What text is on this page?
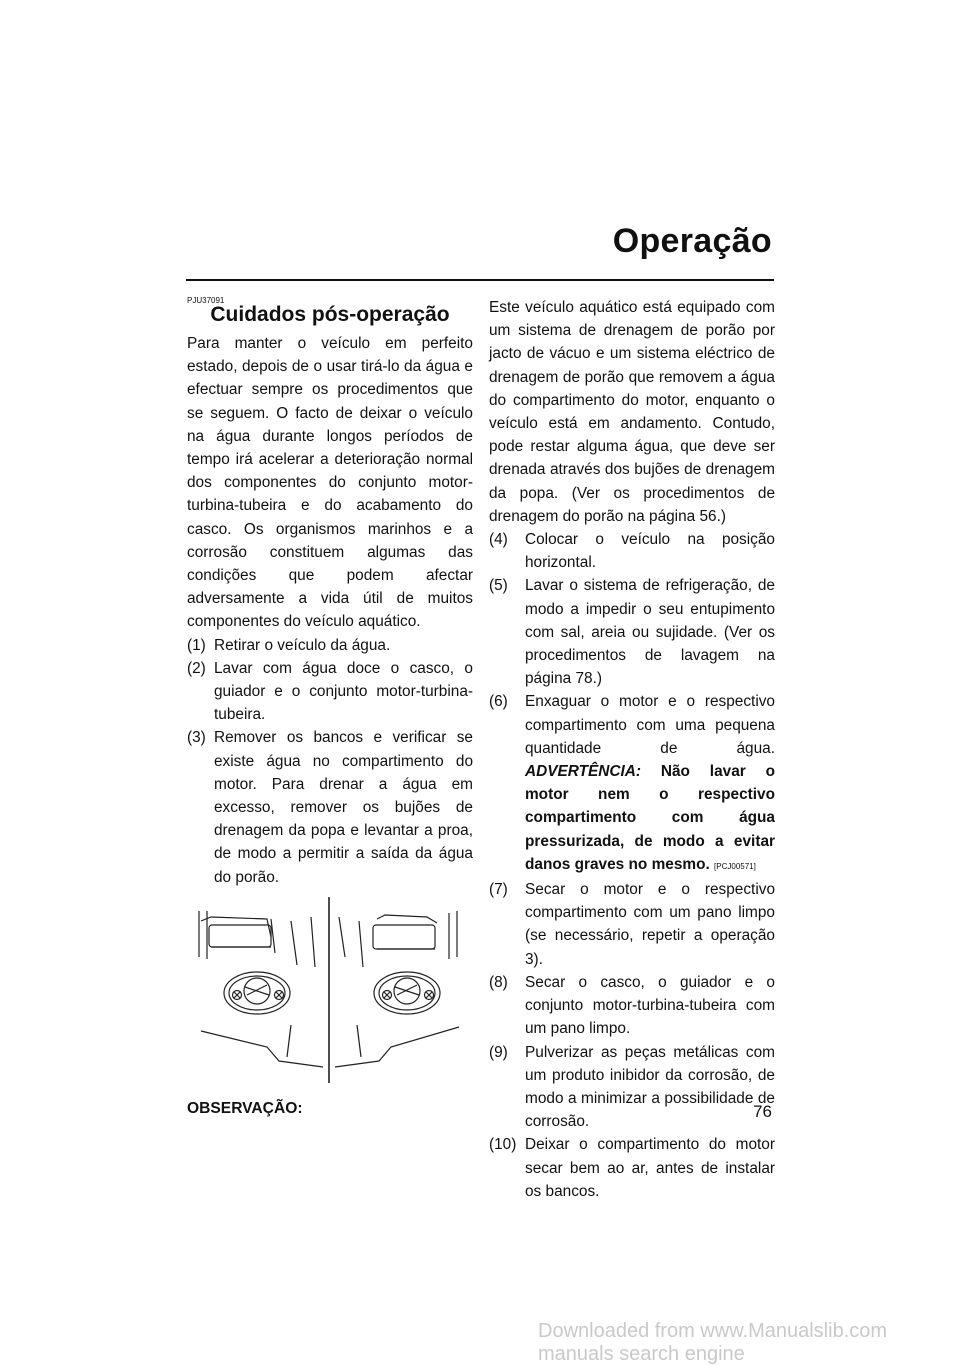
Operação
PJU37091
Cuidados pós-operação

Para manter o veículo em perfeito estado, depois de o usar tirá-lo da água e efectuar sempre os procedimentos que se seguem. O facto de deixar o veículo na água durante longos períodos de tempo irá acelerar a deterioração normal dos componentes do conjunto motor-turbina-tubeira e do acabamento do casco. Os organismos marinhos e a corrosão constituem algumas das condições que podem afectar adversamente a vida útil de muitos componentes do veículo aquático.

(1) Retirar o veículo da água.
(2) Lavar com água doce o casco, o guiador e o conjunto motor-turbina-tubeira.
(3) Remover os bancos e verificar se existe água no compartimento do motor. Para drenar a água em excesso, remover os bujões de drenagem da popa e levantar a proa, de modo a permitir a saída da água do porão.
OBSERVAÇÃO:

Este veículo aquático está equipado com um sistema de drenagem de porão por jacto de vácuo e um sistema eléctrico de drenagem de porão que removem a água do compartimento do motor, enquanto o veículo está em andamento. Contudo, pode restar alguma água, que deve ser drenada através dos bujões de drenagem da popa. (Ver os procedimentos de drenagem do porão na página 56.)

(4) Colocar o veículo na posição horizontal.
(5) Lavar o sistema de refrigeração, de modo a impedir o seu entupimento com sal, areia ou sujidade. (Ver os procedimentos de lavagem na página 78.)
(6) Enxaguar o motor e o respectivo compartimento com uma pequena quantidade de água. ADVERTÊNCIA: Não lavar o motor nem o respectivo compartimento com água pressurizada, de modo a evitar danos graves no mesmo. [PCJ00571]
(7) Secar o motor e o respectivo compartimento com um pano limpo (se necessário, repetir a operação 3).
(8) Secar o casco, o guiador e o conjunto motor-turbina-tubeira com um pano limpo.
(9) Pulverizar as peças metálicas com um produto inibidor da corrosão, de modo a minimizar a possibilidade de corrosão.
(10) Deixar o compartimento do motor secar bem ao ar, antes de instalar os bancos.
76
Downloaded from www.Manualslib.com manuals search engine
